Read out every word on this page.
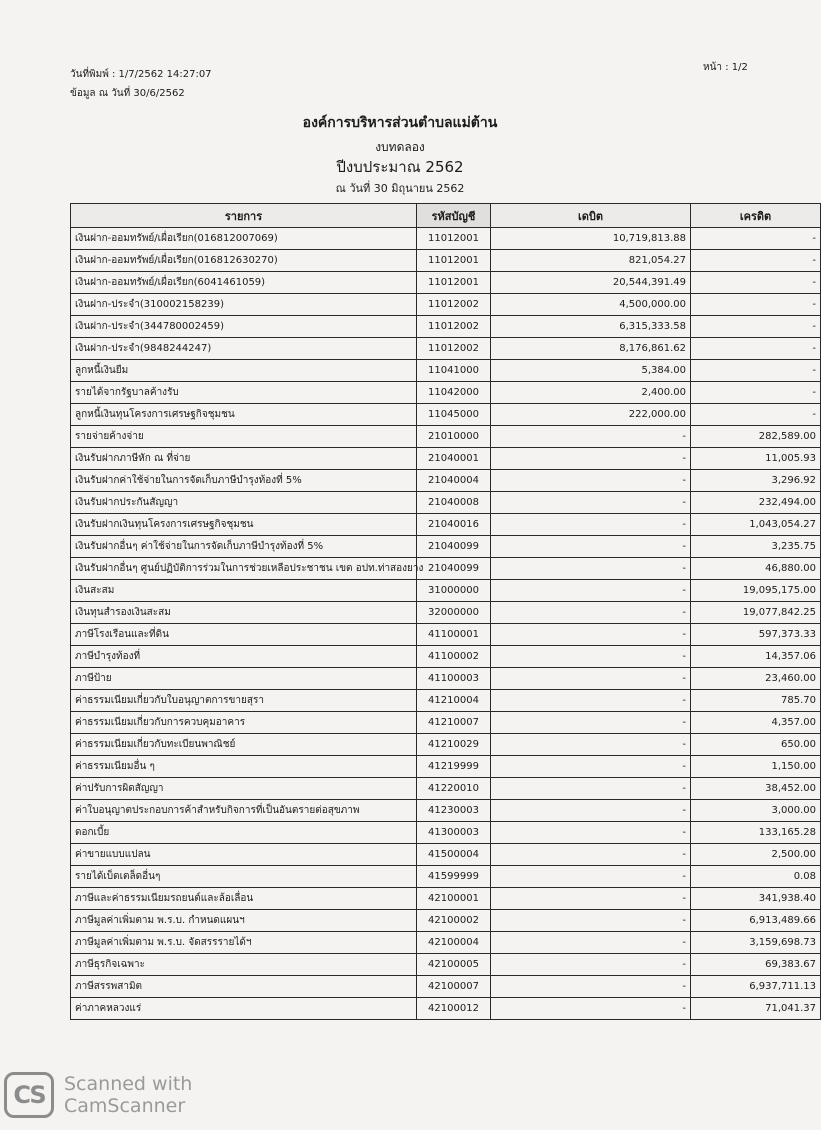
วันที่พิมพ์ : 1/7/2562 14:27:07
ข้อมูล ณ วันที่ 30/6/2562
หน้า : 1/2
องค์การบริหารส่วนตำบลแม่ต้าน
งบทดลอง
ปีงบประมาณ 2562
ณ วันที่ 30 มิถุนายน 2562
รายการ	รหัสบัญชี	เดบิต	เครดิต
เงินฝาก-ออมทรัพย์/เผื่อเรียก(016812007069)	11012001	10,719,813.88	-
เงินฝาก-ออมทรัพย์/เผื่อเรียก(016812630270)	11012001	821,054.27	-
เงินฝาก-ออมทรัพย์/เผื่อเรียก(6041461059)	11012001	20,544,391.49	-
เงินฝาก-ประจำ(310002158239)	11012002	4,500,000.00	-
เงินฝาก-ประจำ(344780002459)	11012002	6,315,333.58	-
เงินฝาก-ประจำ(9848244247)	11012002	8,176,861.62	-
ลูกหนี้เงินยืม	11041000	5,384.00	-
รายได้จากรัฐบาลค้างรับ	11042000	2,400.00	-
ลูกหนี้เงินทุนโครงการเศรษฐกิจชุมชน	11045000	222,000.00	-
รายจ่ายค้างจ่าย	21010000	-	282,589.00
เงินรับฝากภาษีหัก ณ ที่จ่าย	21040001	-	11,005.93
เงินรับฝากค่าใช้จ่ายในการจัดเก็บภาษีบำรุงท้องที่ 5%	21040004	-	3,296.92
เงินรับฝากประกันสัญญา	21040008	-	232,494.00
เงินรับฝากเงินทุนโครงการเศรษฐกิจชุมชน	21040016	-	1,043,054.27
เงินรับฝากอื่นๆ ค่าใช้จ่ายในการจัดเก็บภาษีบำรุงท้องที่ 5%	21040099	-	3,235.75
เงินรับฝากอื่นๆ ศูนย์ปฏิบัติการร่วมในการช่วยเหลือประชาชน เขต อปท.ท่าสองยาง	21040099	-	46,880.00
เงินสะสม	31000000	-	19,095,175.00
เงินทุนสำรองเงินสะสม	32000000	-	19,077,842.25
ภาษีโรงเรือนและที่ดิน	41100001	-	597,373.33
ภาษีบำรุงท้องที่	41100002	-	14,357.06
ภาษีป้าย	41100003	-	23,460.00
ค่าธรรมเนียมเกี่ยวกับใบอนุญาตการขายสุรา	41210004	-	785.70
ค่าธรรมเนียมเกี่ยวกับการควบคุมอาคาร	41210007	-	4,357.00
ค่าธรรมเนียมเกี่ยวกับทะเบียนพาณิชย์	41210029	-	650.00
ค่าธรรมเนียมอื่น ๆ	41219999	-	1,150.00
ค่าปรับการผิดสัญญา	41220010	-	38,452.00
ค่าใบอนุญาตประกอบการค้าสำหรับกิจการที่เป็นอันตรายต่อสุขภาพ	41230003	-	3,000.00
ดอกเบี้ย	41300003	-	133,165.28
ค่าขายแบบแปลน	41500004	-	2,500.00
รายได้เบ็ดเตล็ดอื่นๆ	41599999	-	0.08
ภาษีและค่าธรรมเนียมรถยนต์และล้อเลื่อน	42100001	-	341,938.40
ภาษีมูลค่าเพิ่มตาม พ.ร.บ. กำหนดแผนฯ	42100002	-	6,913,489.66
ภาษีมูลค่าเพิ่มตาม พ.ร.บ. จัดสรรรายได้ฯ	42100004	-	3,159,698.73
ภาษีธุรกิจเฉพาะ	42100005	-	69,383.67
ภาษีสรรพสามิต	42100007	-	6,937,711.13
ค่าภาคหลวงแร่	42100012	-	71,041.37
CS	Scanned with
CamScanner
